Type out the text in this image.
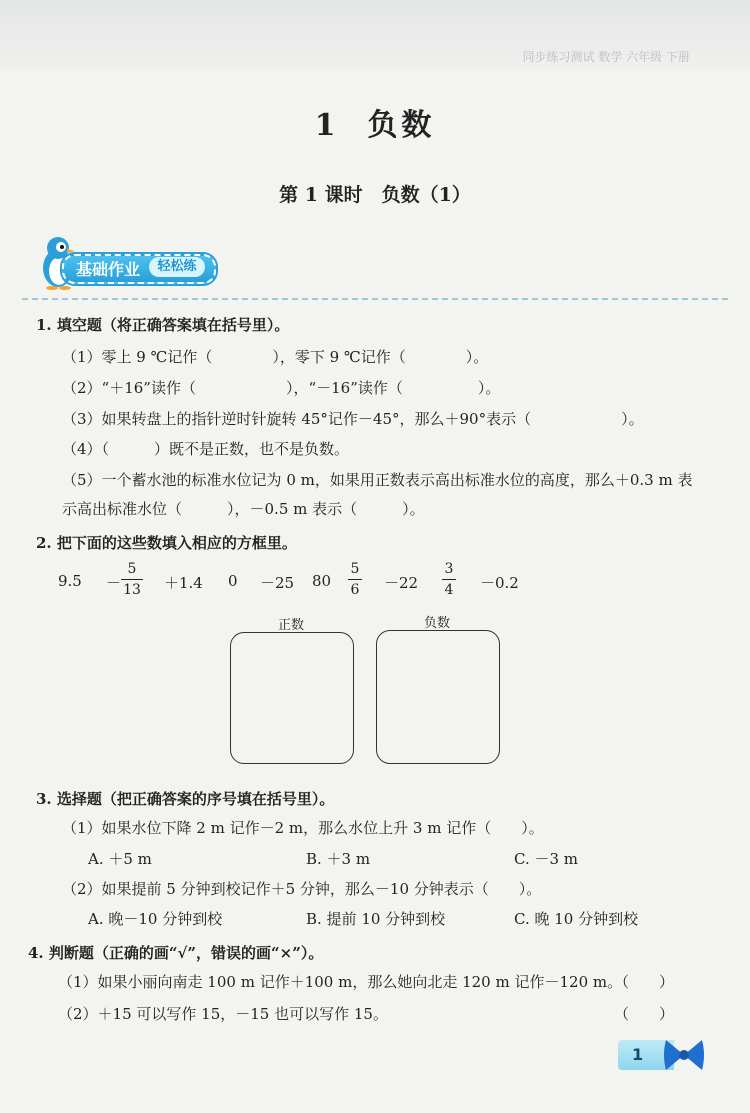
同步练习测试 数学 六年级 下册
1 负数
第 1 课时　负数（1）
基础作业	轻松练
1. 填空题（将正确答案填在括号里）。
（1）零上 9 ℃记作（　　　　），零下 9 ℃记作（　　　　）。
（2）“＋16”读作（　　　　　　），“－16”读作（　　　　　）。
（3）如果转盘上的指针逆时针旋转 45°记作－45°，那么＋90°表示（　　　　　　）。
（4）（　　　）既不是正数，也不是负数。
（5）一个蓄水池的标准水位记为 0 m，如果用正数表示高出标准水位的高度，那么＋0.3 m 表
示高出标准水位（　　　），－0.5 m 表示（　　　）。
2. 把下面的这些数填入相应的方框里。
9.5 －
5
13 ＋1.4 0 －25 80
5
6 －22
3
4 －0.2
正数	负数
3. 选择题（把正确答案的序号填在括号里）。
（1）如果水位下降 2 m 记作－2 m，那么水位上升 3 m 记作（　　）。
A. ＋5 m	B. ＋3 m	C. －3 m
（2）如果提前 5 分钟到校记作＋5 分钟，那么－10 分钟表示（　　）。
A. 晚－10 分钟到校	B. 提前 10 分钟到校	C. 晚 10 分钟到校
4. 判断题（正确的画“√”，错误的画“×”）。
（1）如果小丽向南走 100 m 记作＋100 m，那么她向北走 120 m 记作－120 m。
（　　）
（2）＋15 可以写作 15，－15 也可以写作 15。	（　　）
1
